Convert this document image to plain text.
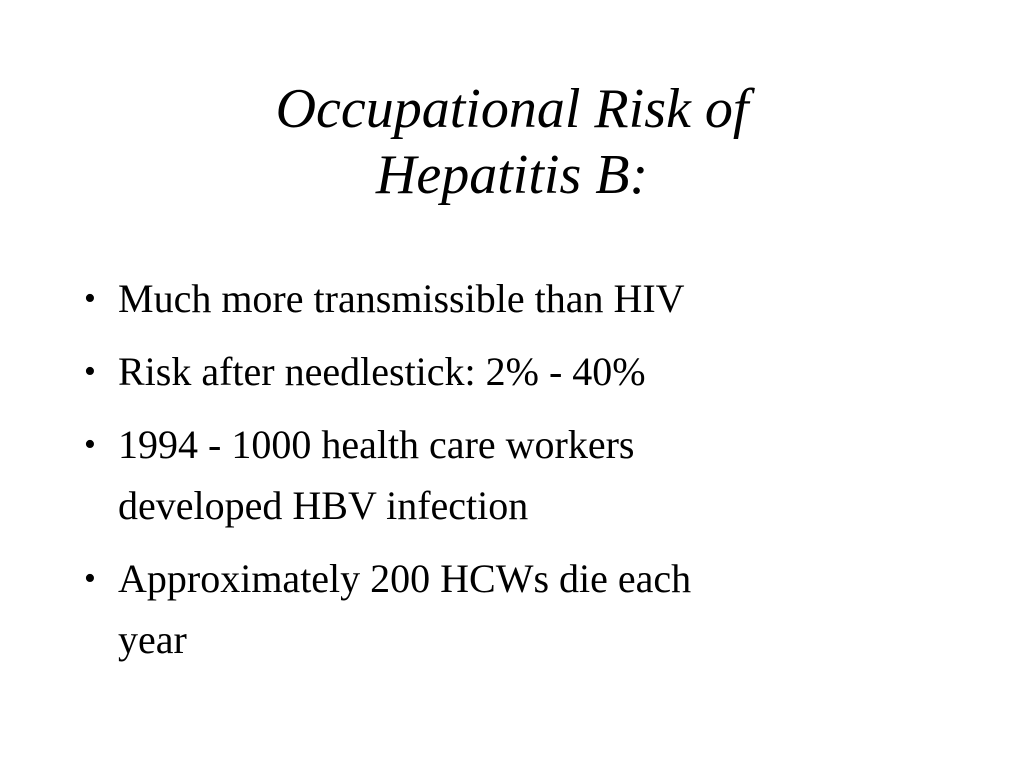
Occupational Risk of
Hepatitis B:
• Much more transmissible than HIV
• Risk after needlestick: 2% - 40%
• 1994 - 1000 health care workers
developed HBV infection
• Approximately 200 HCWs die each
year
